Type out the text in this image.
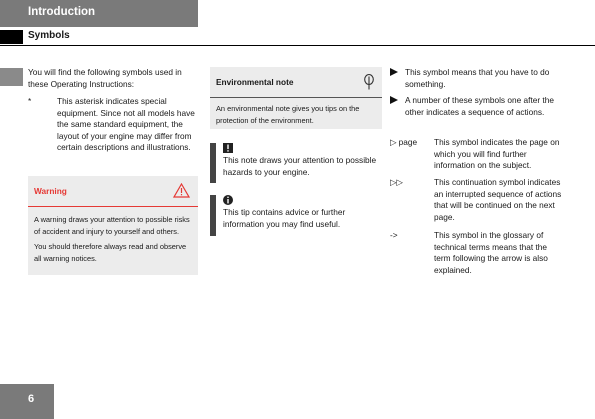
Introduction
Symbols
You will find the following symbols used in these Operating Instructions:
*	This asterisk indicates special equipment. Since not all models have the same standard equipment, the layout of your engine may differ from certain descriptions and illustrations.
Warning
A warning draws your attention to possible risks of accident and injury to yourself and others.
You should therefore always read and observe all warning notices.
Environmental note
An environmental note gives you tips on the protection of the environment.
This note draws your attention to possible hazards to your engine.
This tip contains advice or further information you may find useful.
This symbol means that you have to do something.
A number of these symbols one after the other indicates a sequence of actions.
▷ page This symbol indicates the page on which you will find further information on the subject.
▷▷	This continuation symbol indicates an interrupted sequence of actions that will be continued on the next page.
->	This symbol in the glossary of technical terms means that the term following the arrow is also explained.
6
